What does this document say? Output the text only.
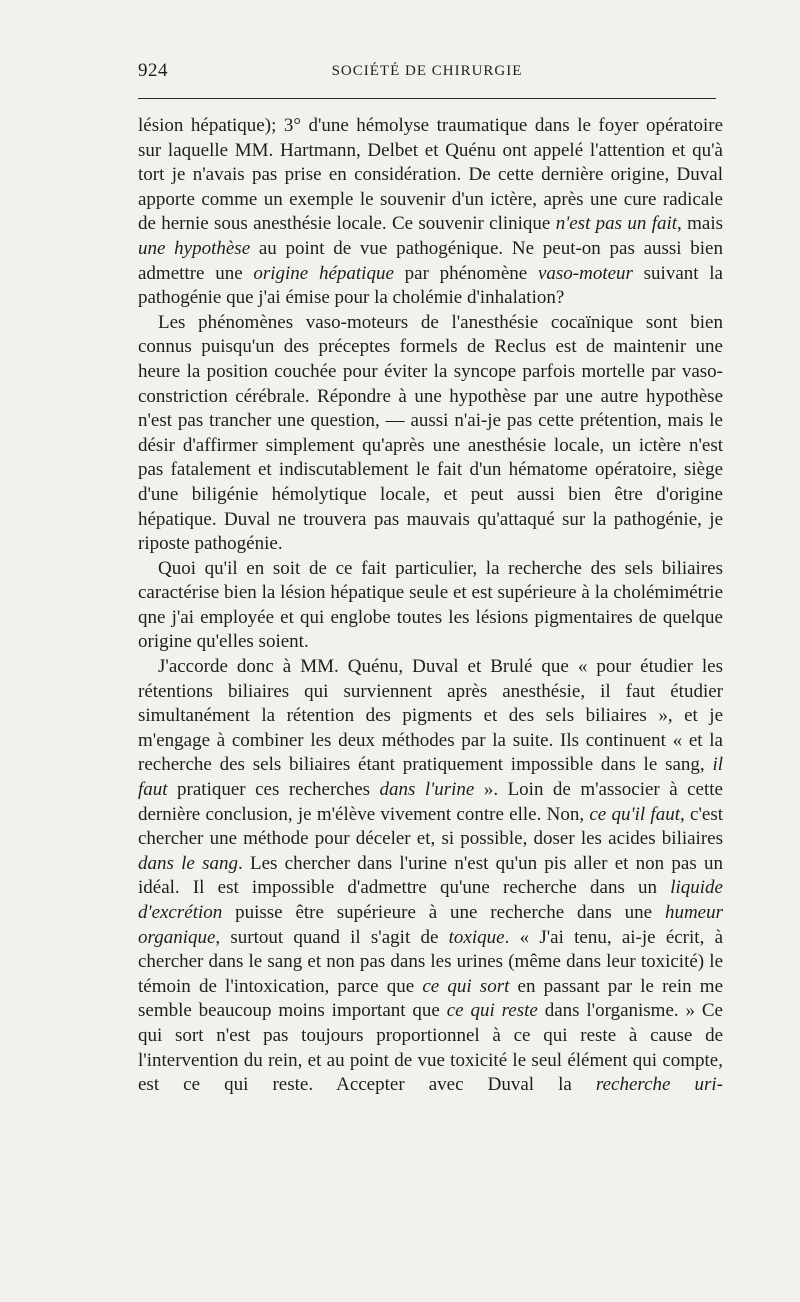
924	SOCIÉTÉ DE CHIRURGIE

lésion hépatique); 3° d'une hémolyse traumatique dans le foyer opératoire sur laquelle MM. Hartmann, Delbet et Quénu ont appelé l'attention et qu'à tort je n'avais pas prise en considération. De cette dernière origine, Duval apporte comme un exemple le souvenir d'un ictère, après une cure radicale de hernie sous anesthésie locale. Ce souvenir clinique n'est pas un fait, mais une hypothèse au point de vue pathogénique. Ne peut-on pas aussi bien admettre une origine hépatique par phénomène vaso-moteur suivant la pathogénie que j'ai émise pour la cholémie d'inhalation?

Les phénomènes vaso-moteurs de l'anesthésie cocaïnique sont bien connus puisqu'un des préceptes formels de Reclus est de maintenir une heure la position couchée pour éviter la syncope parfois mortelle par vaso-constriction cérébrale. Répondre à une hypothèse par une autre hypothèse n'est pas trancher une question, — aussi n'ai-je pas cette prétention, mais le désir d'affirmer simplement qu'après une anesthésie locale, un ictère n'est pas fatalement et indiscutablement le fait d'un hématome opératoire, siège d'une biligénie hémolytique locale, et peut aussi bien être d'origine hépatique. Duval ne trouvera pas mauvais qu'attaqué sur la pathogénie, je riposte pathogénie.

Quoi qu'il en soit de ce fait particulier, la recherche des sels biliaires caractérise bien la lésion hépatique seule et est supérieure à la cholémimétrie qne j'ai employée et qui englobe toutes les lésions pigmentaires de quelque origine qu'elles soient.

J'accorde donc à MM. Quénu, Duval et Brulé que « pour étudier les rétentions biliaires qui surviennent après anesthésie, il faut étudier simultanément la rétention des pigments et des sels biliaires », et je m'engage à combiner les deux méthodes par la suite. Ils continuent « et la recherche des sels biliaires étant pratiquement impossible dans le sang, il faut pratiquer ces recherches dans l'urine ». Loin de m'associer à cette dernière conclusion, je m'élève vivement contre elle. Non, ce qu'il faut, c'est chercher une méthode pour déceler et, si possible, doser les acides biliaires dans le sang. Les chercher dans l'urine n'est qu'un pis aller et non pas un idéal. Il est impossible d'admettre qu'une recherche dans un liquide d'excrétion puisse être supérieure à une recherche dans une humeur organique, surtout quand il s'agit de toxique. « J'ai tenu, ai-je écrit, à chercher dans le sang et non pas dans les urines (même dans leur toxicité) le témoin de l'intoxication, parce que ce qui sort en passant par le rein me semble beaucoup moins important que ce qui reste dans l'organisme. » Ce qui sort n'est pas toujours proportionnel à ce qui reste à cause de l'intervention du rein, et au point de vue toxicité le seul élément qui compte, est ce qui reste. Accepter avec Duval la recherche uri-
